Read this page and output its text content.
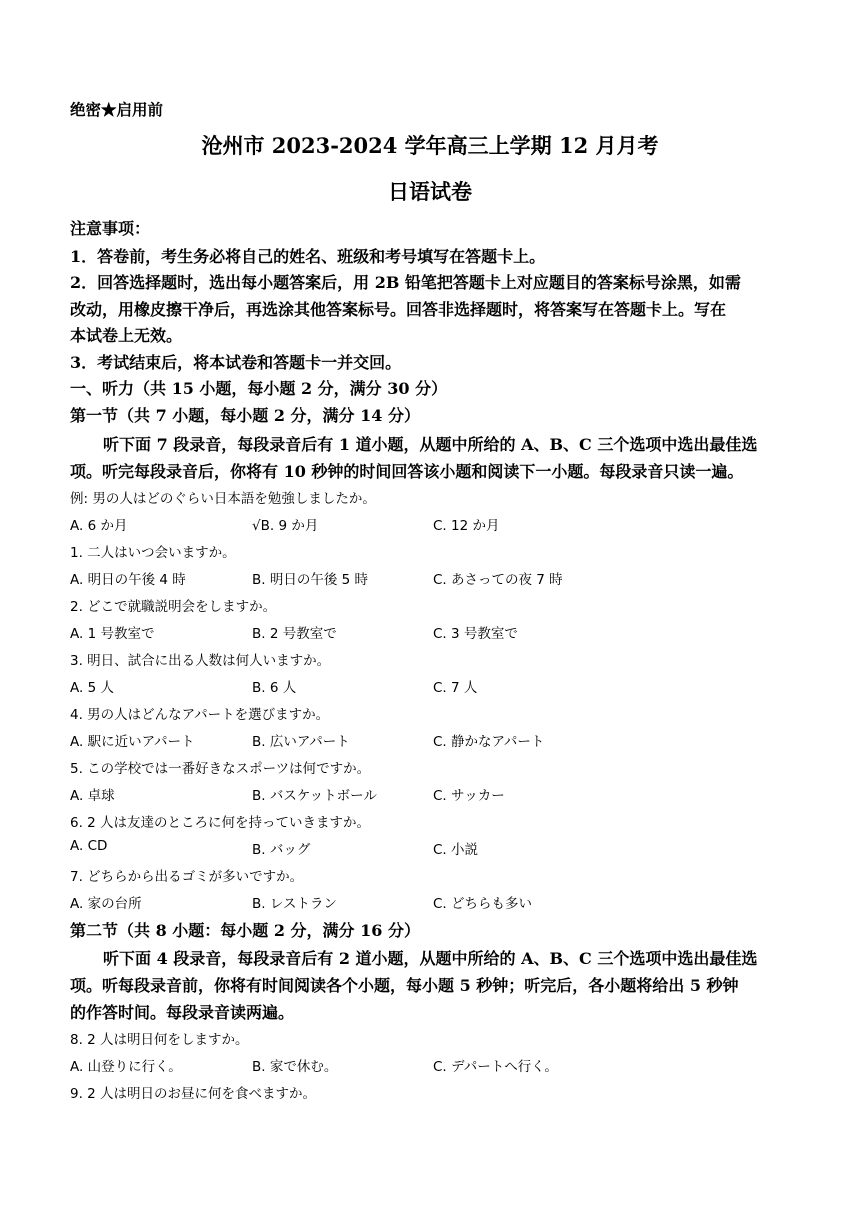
绝密★启用前
沧州市 2023-2024 学年高三上学期 12 月月考
日语试卷
注意事项：
1．答卷前，考生务必将自己的姓名、班级和考号填写在答题卡上。
2．回答选择题时，选出每小题答案后，用 2B 铅笔把答题卡上对应题目的答案标号涂黑，如需
改动，用橡皮擦干净后，再选涂其他答案标号。回答非选择题时，将答案写在答题卡上。写在
本试卷上无效。
3．考试结束后，将本试卷和答题卡一并交回。
一、听力（共 15 小题，每小题 2 分，满分 30 分）
第一节（共 7 小题，每小题 2 分，满分 14 分）
听下面 7 段录音，每段录音后有 1 道小题，从题中所给的 A、B、C 三个选项中选出最佳选
项。听完每段录音后，你将有 10 秒钟的时间回答该小题和阅读下一小题。每段录音只读一遍。
例: 男の人はどのぐらい日本語を勉強しましたか。
A. 6 か月	√B. 9 か月	C. 12 か月
1. 二人はいつ会いますか。
A. 明日の午後 4 時	B. 明日の午後 5 時	C. あさっての夜 7 時
2. どこで就職説明会をしますか。
A. 1 号教室で	B. 2 号教室で	C. 3 号教室で
3. 明日、試合に出る人数は何人いますか。
A. 5 人	B. 6 人	C. 7 人
4. 男の人はどんなアパートを選びますか。
A. 駅に近いアパート	B. 広いアパート	C. 静かなアパート
5. この学校では一番好きなスポーツは何ですか。
A. 卓球	B. バスケットボール	C. サッカー
6. 2 人は友達のところに何を持っていきますか。
A. CD	B. バッグ	C. 小説
7. どちらから出るゴミが多いですか。
A. 家の台所	B. レストラン	C. どちらも多い
第二节（共 8 小题：每小题 2 分，满分 16 分）
听下面 4 段录音，每段录音后有 2 道小题，从题中所给的 A、B、C 三个选项中选出最佳选
项。听每段录音前，你将有时间阅读各个小题，每小题 5 秒钟；听完后，各小题将给出 5 秒钟
的作答时间。每段录音读两遍。
8. 2 人は明日何をしますか。
A. 山登りに行く。	B. 家で休む。	C. デパートへ行く。
9. 2 人は明日のお昼に何を食べますか。
